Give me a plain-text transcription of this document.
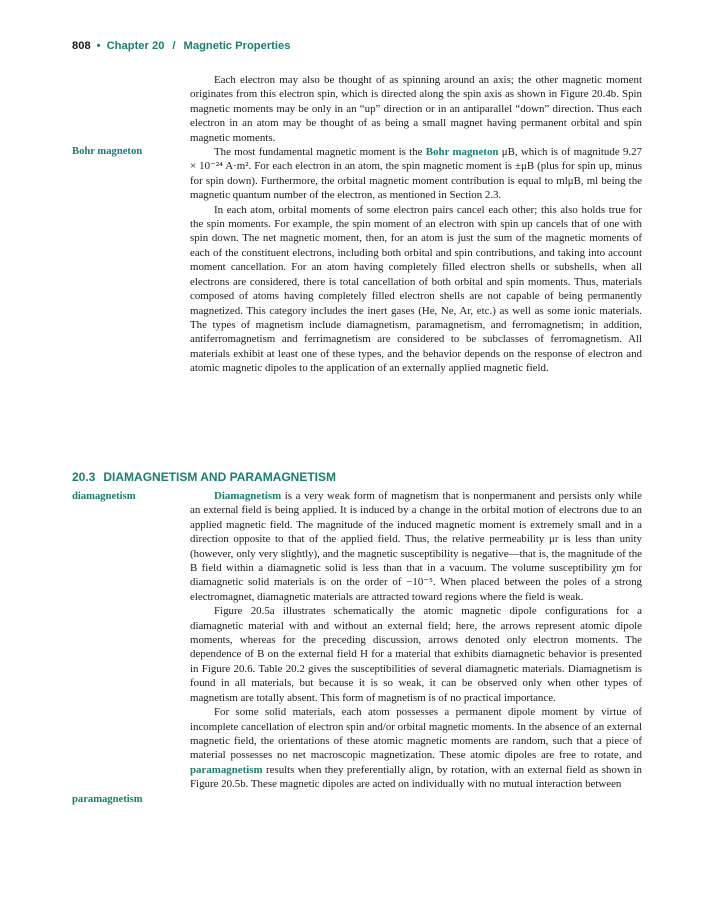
808 • Chapter 20 / Magnetic Properties
Bohr magneton

Each electron may also be thought of as spinning around an axis; the other magnetic moment originates from this electron spin, which is directed along the spin axis as shown in Figure 20.4b. Spin magnetic moments may be only in an “up” direction or in an antiparallel “down” direction. Thus each electron in an atom may be thought of as being a small magnet having permanent orbital and spin magnetic moments.

The most fundamental magnetic moment is the Bohr magneton μB, which is of magnitude 9.27 × 10⁻²⁴ A·m². For each electron in an atom, the spin magnetic moment is ±μB (plus for spin up, minus for spin down). Furthermore, the orbital magnetic moment contribution is equal to mlμB, ml being the magnetic quantum number of the electron, as mentioned in Section 2.3.

In each atom, orbital moments of some electron pairs cancel each other; this also holds true for the spin moments. For example, the spin moment of an electron with spin up cancels that of one with spin down. The net magnetic moment, then, for an atom is just the sum of the magnetic moments of each of the constituent electrons, including both orbital and spin contributions, and taking into account moment cancellation. For an atom having completely filled electron shells or subshells, when all electrons are considered, there is total cancellation of both orbital and spin moments. Thus, materials composed of atoms having completely filled electron shells are not capable of being permanently magnetized. This category includes the inert gases (He, Ne, Ar, etc.) as well as some ionic materials. The types of magnetism include diamagnetism, paramagnetism, and ferromagnetism; in addition, antiferromagnetism and ferrimagnetism are considered to be subclasses of ferromagnetism. All materials exhibit at least one of these types, and the behavior depends on the response of electron and atomic magnetic dipoles to the application of an externally applied magnetic field.

20.3 DIAMAGNETISM AND PARAMAGNETISM
diamagnetism
paramagnetism

Diamagnetism is a very weak form of magnetism that is nonpermanent and persists only while an external field is being applied. It is induced by a change in the orbital motion of electrons due to an applied magnetic field. The magnitude of the induced magnetic moment is extremely small and in a direction opposite to that of the applied field. Thus, the relative permeability μr is less than unity (however, only very slightly), and the magnetic susceptibility is negative—that is, the magnitude of the B field within a diamagnetic solid is less than that in a vacuum. The volume susceptibility χm for diamagnetic solid materials is on the order of −10⁻⁵. When placed between the poles of a strong electromagnet, diamagnetic materials are attracted toward regions where the field is weak.

Figure 20.5a illustrates schematically the atomic magnetic dipole configurations for a diamagnetic material with and without an external field; here, the arrows represent atomic dipole moments, whereas for the preceding discussion, arrows denoted only electron moments. The dependence of B on the external field H for a material that exhibits diamagnetic behavior is presented in Figure 20.6. Table 20.2 gives the susceptibilities of several diamagnetic materials. Diamagnetism is found in all materials, but because it is so weak, it can be observed only when other types of magnetism are totally absent. This form of magnetism is of no practical importance.

For some solid materials, each atom possesses a permanent dipole moment by virtue of incomplete cancellation of electron spin and/or orbital magnetic moments. In the absence of an external magnetic field, the orientations of these atomic magnetic moments are random, such that a piece of material possesses no net macroscopic magnetization. These atomic dipoles are free to rotate, and paramagnetism results when they preferentially align, by rotation, with an external field as shown in Figure 20.5b. These magnetic dipoles are acted on individually with no mutual interaction between
